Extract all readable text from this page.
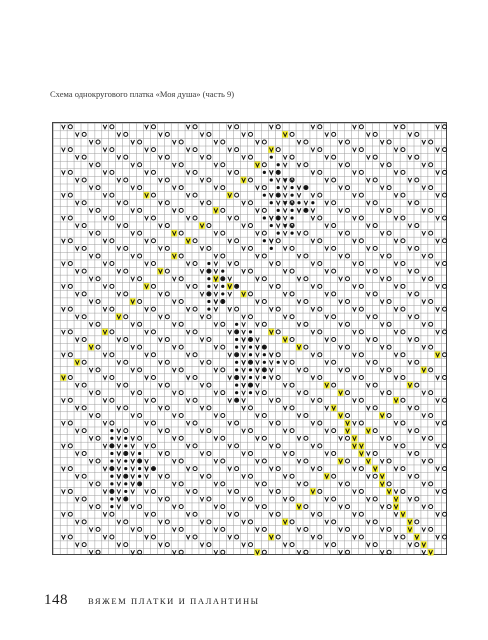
Схема однокругового платка «Моя душа» (часть 9)
148 ВЯЖЕМ ПЛАТКИ И ПАЛАНТИНЫ
